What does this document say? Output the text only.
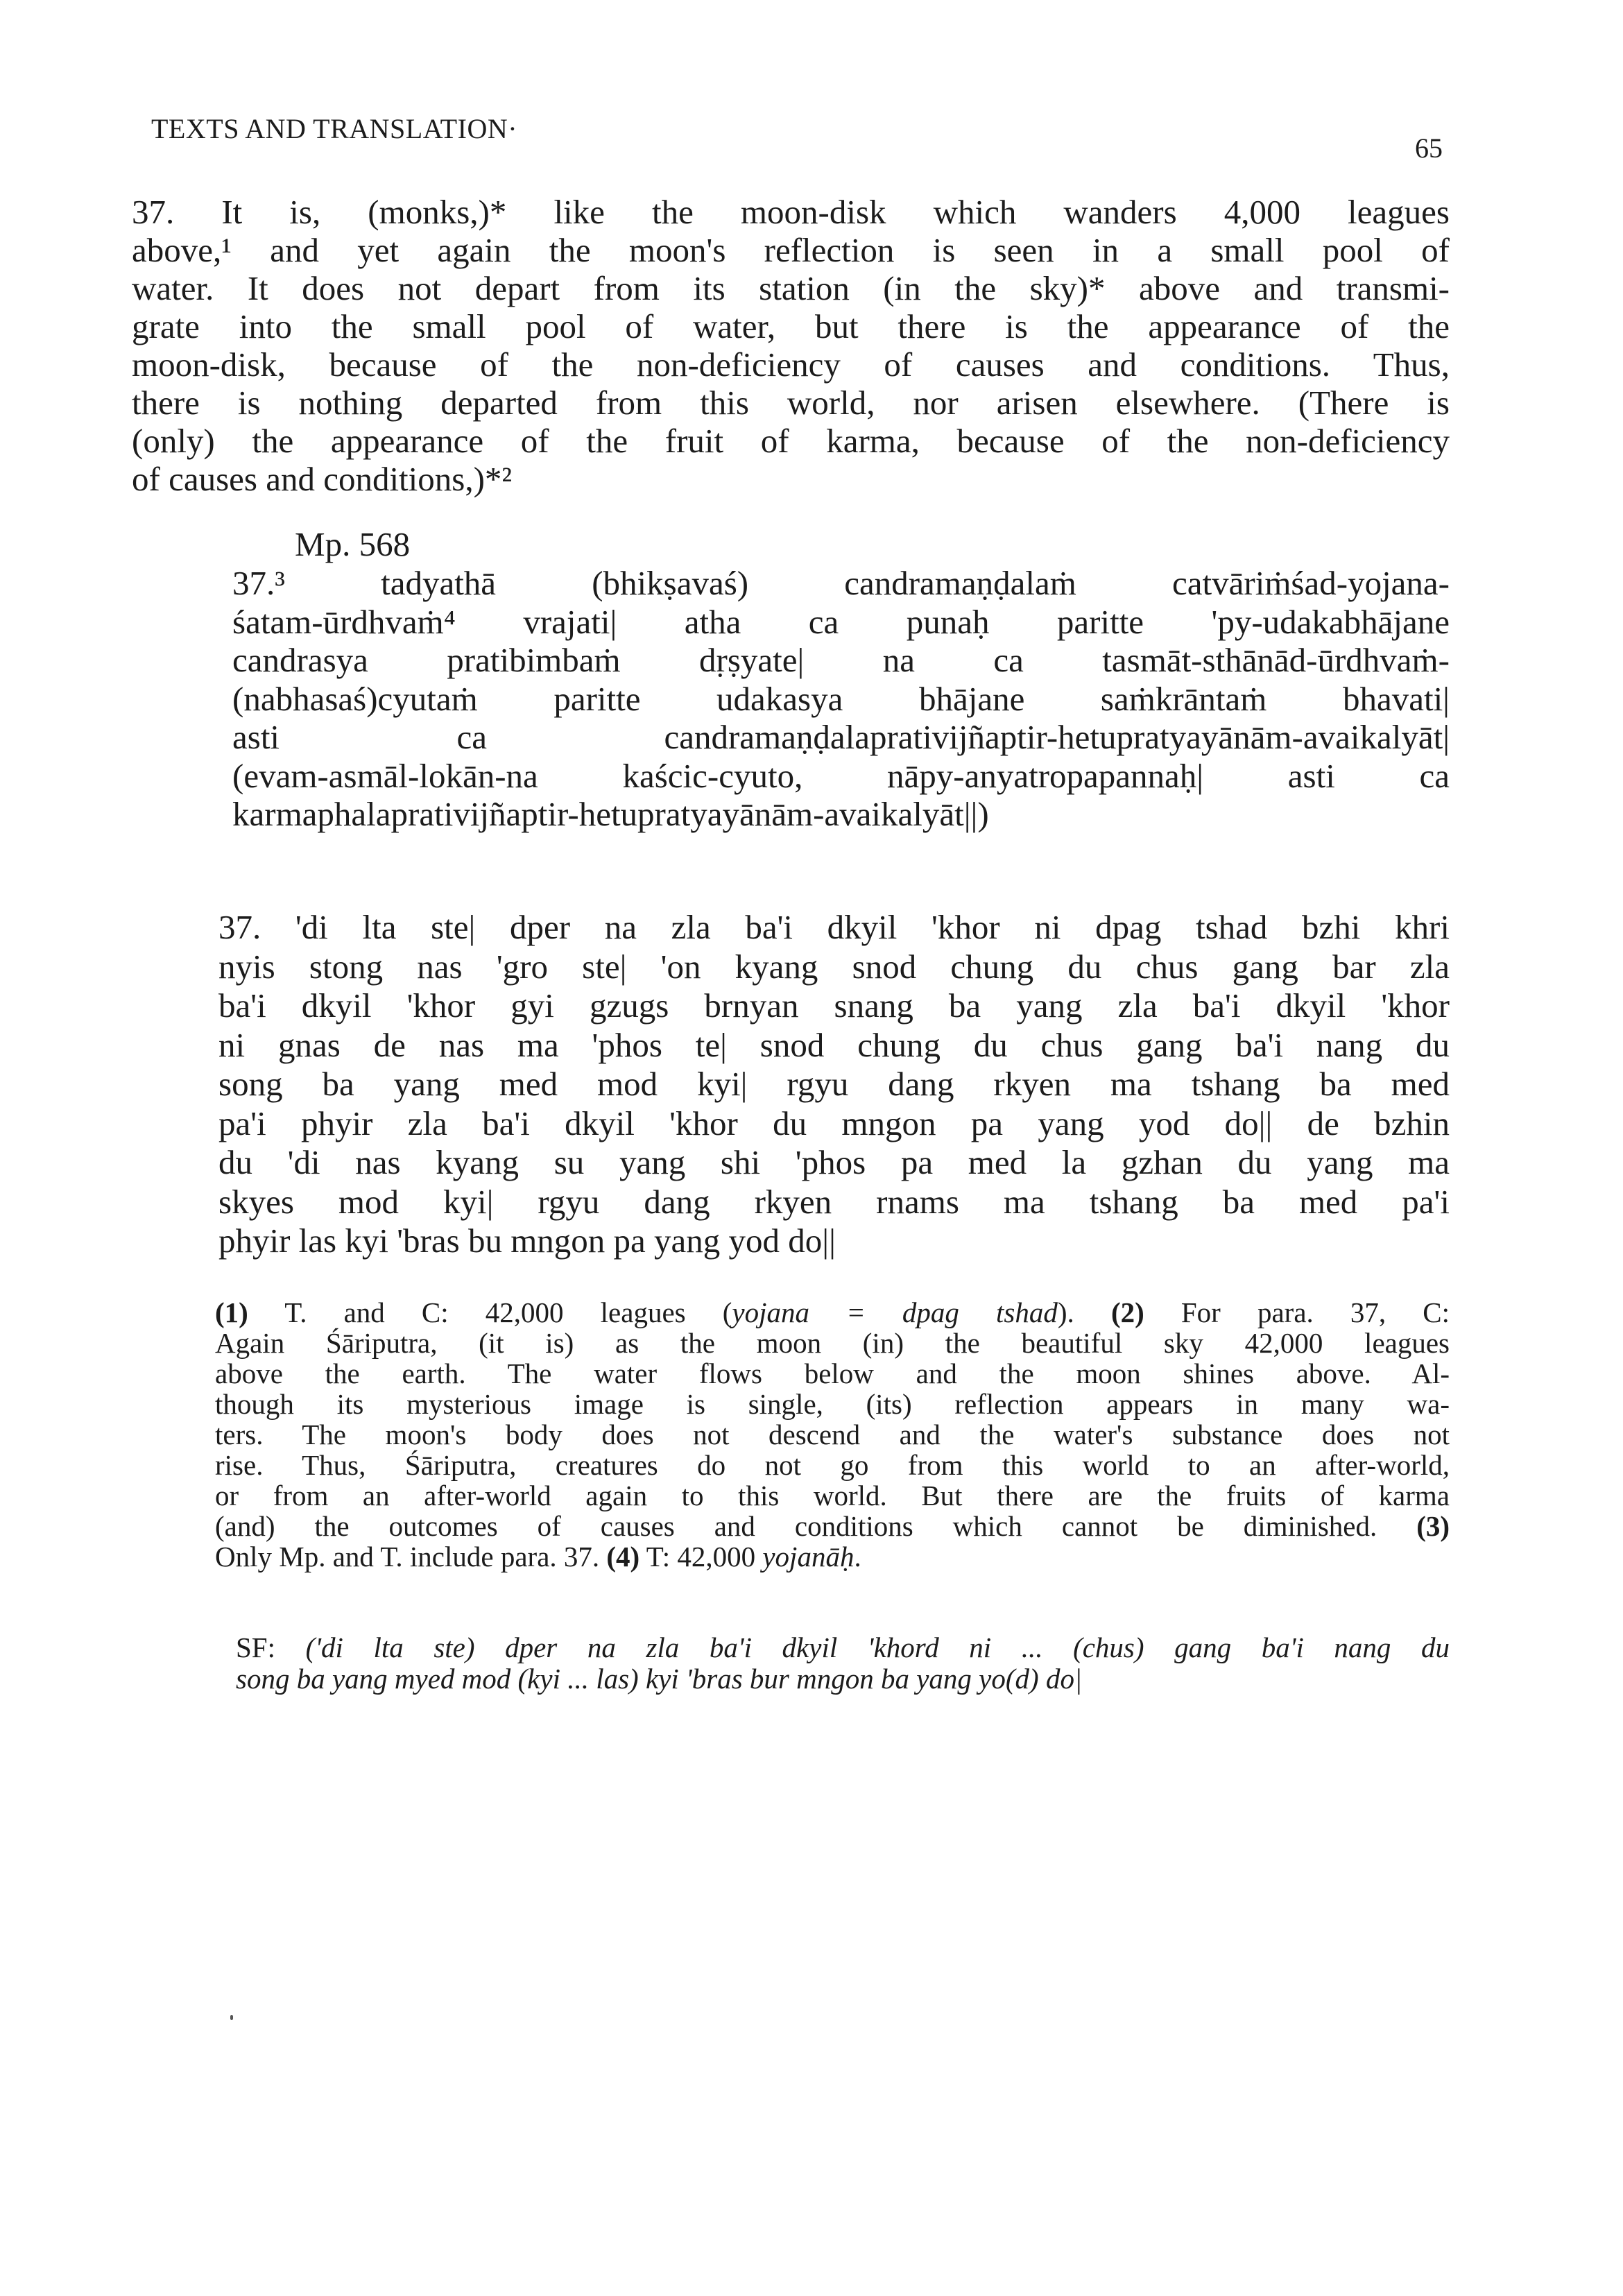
TEXTS AND TRANSLATION·
65
37. It is, (monks,)* like the moon-disk which wanders 4,000 leagues
above,¹ and yet again the moon's reflection is seen in a small pool of
water. It does not depart from its station (in the sky)* above and transmi-
grate into the small pool of water, but there is the appearance of the
moon-disk, because of the non-deficiency of causes and conditions. Thus,
there is nothing departed from this world, nor arisen elsewhere. (There is
(only) the appearance of the fruit of karma, because of the non-deficiency
of causes and conditions,)*²
Mp. 568
37.³ tadyathā (bhikṣavaś) candramaṇḍalaṁ catvāriṁśad-yojana-
śatam-ūrdhvaṁ⁴ vrajati| atha ca punaḥ paritte 'py-udakabhājane
candrasya pratibimbaṁ dṛṣyate| na ca tasmāt-sthānād-ūrdhvaṁ-
(nabhasaś)cyutaṁ paritte udakasya bhājane saṁkrāntaṁ bhavati|
asti ca candramaṇḍalaprativijñaptir-hetupratyayānām-avaikalyāt|
(evam-asmāl-lokān-na kaścic-cyuto, nāpy-anyatropapannaḥ| asti ca
karmaphalaprativijñaptir-hetupratyayānām-avaikalyāt||)
37. 'di lta ste| dper na zla ba'i dkyil 'khor ni dpag tshad bzhi khri
nyis stong nas 'gro ste| 'on kyang snod chung du chus gang bar zla
ba'i dkyil 'khor gyi gzugs brnyan snang ba yang zla ba'i dkyil 'khor
ni gnas de nas ma 'phos te| snod chung du chus gang ba'i nang du
song ba yang med mod kyi| rgyu dang rkyen ma tshang ba med
pa'i phyir zla ba'i dkyil 'khor du mngon pa yang yod do|| de bzhin
du 'di nas kyang su yang shi 'phos pa med la gzhan du yang ma
skyes mod kyi| rgyu dang rkyen rnams ma tshang ba med pa'i
phyir las kyi 'bras bu mngon pa yang yod do||
(1) T. and C: 42,000 leagues (yojana = dpag tshad). (2) For para. 37, C:
Again Śāriputra, (it is) as the moon (in) the beautiful sky 42,000 leagues
above the earth. The water flows below and the moon shines above. Al-
though its mysterious image is single, (its) reflection appears in many wa-
ters. The moon's body does not descend and the water's substance does not
rise. Thus, Śāriputra, creatures do not go from this world to an after-world,
or from an after-world again to this world. But there are the fruits of karma
(and) the outcomes of causes and conditions which cannot be diminished. (3)
Only Mp. and T. include para. 37. (4) T: 42,000 yojanāḥ.
SF: ('di lta ste) dper na zla ba'i dkyil 'khord ni ... (chus) gang ba'i nang du
song ba yang myed mod (kyi ... las) kyi 'bras bur mngon ba yang yo(d) do|
